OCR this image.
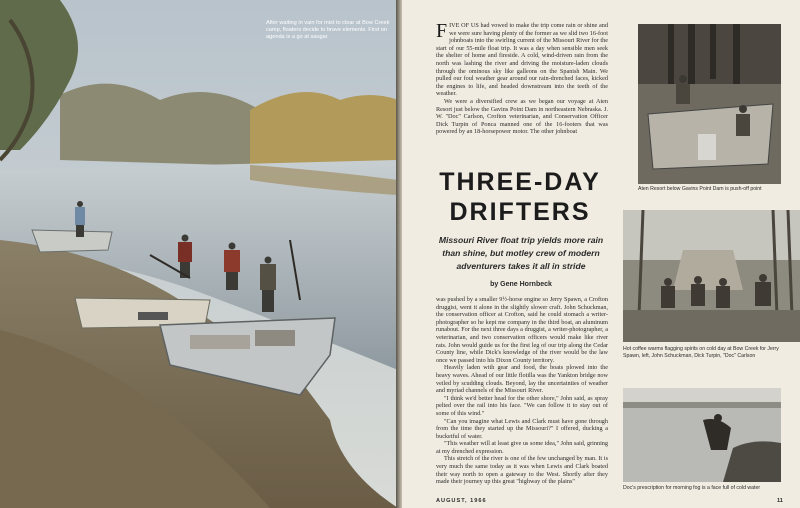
After waiting in vain for mist to clear at Bow Creek camp, floaters decide to brave elements. First on agenda is a go at saugar	FIVE OF US had vowed to make the trip come rain or shine and we were sure having plenty of the former as we slid two 16-foot johnboats into the swirling current of the Missouri River for the start of our 55-mile float trip. It was a day when sensible men seek the shelter of home and fireside. A cold, wind-driven rain from the north was lashing the river and driving the moisture-laden clouds through the ominous sky like galleons on the Spanish Main. We pulled our foul weather gear around our rain-drenched faces, kicked the engines to life, and headed downstream into the teeth of the weather.
We were a diversified crew as we began our voyage at Aten Resort just below the Gavins Point Dam in northeastern Nebraska. J. W. "Doc" Carlson, Crofton veterinarian, and Conservation Officer Dick Turpin of Ponca manned one of the 16-footers that was powered by an 18-horsepower motor. The other johnboat
THREE-DAY
DRIFTERS
Missouri River float trip yields more rain than shine, but motley crew of modern adventurers takes it all in stride
by Gene Hornbeck
was pushed by a smaller 9½-horse engine so Jerry Spawn, a Crofton druggist, went it alone in the slightly slower craft. John Schuckman, the conservation officer at Crofton, said he could stomach a writer-photographer so he kept me company in the third boat, an aluminum runabout. For the next three days a druggist, a writer-photographer, a veterinarian, and two conservation officers would make like river rats. John would guide us for the first leg of our trip along the Cedar County line, while Dick's knowledge of the river would be the law once we passed into his Dixon County territory.
Heavily laden with gear and food, the boats plowed into the heavy waves. Ahead of our little flotilla was the Yankton bridge now veiled by scudding clouds. Beyond, lay the uncertainties of weather and myriad channels of the Missouri River.
"I think we'd better head for the other shore," John said, as spray pelted over the rail into his face. "We can follow it to stay out of some of this wind."
"Can you imagine what Lewis and Clark must have gone through from the time they started up the Missouri?" I offered, ducking a bucketful of water.
"This weather will at least give us some idea," John said, grinning at my drenched expression.
This stretch of the river is one of the few unchanged by man. It is very much the same today as it was when Lewis and Clark boated their way north to open a gateway to the West. Shortly after they made their journey up this great "highway of the plains"
Aten Resort below Gavins Point Dam is push-off point
Hot coffee warms flagging spirits on cold day at Bow Creek for Jerry Spawn, left, John Schuckman, Dick Turpin, "Doc" Carlson
Doc's prescription for morning fog is a face full of cold water
AUGUST, 1966	11
